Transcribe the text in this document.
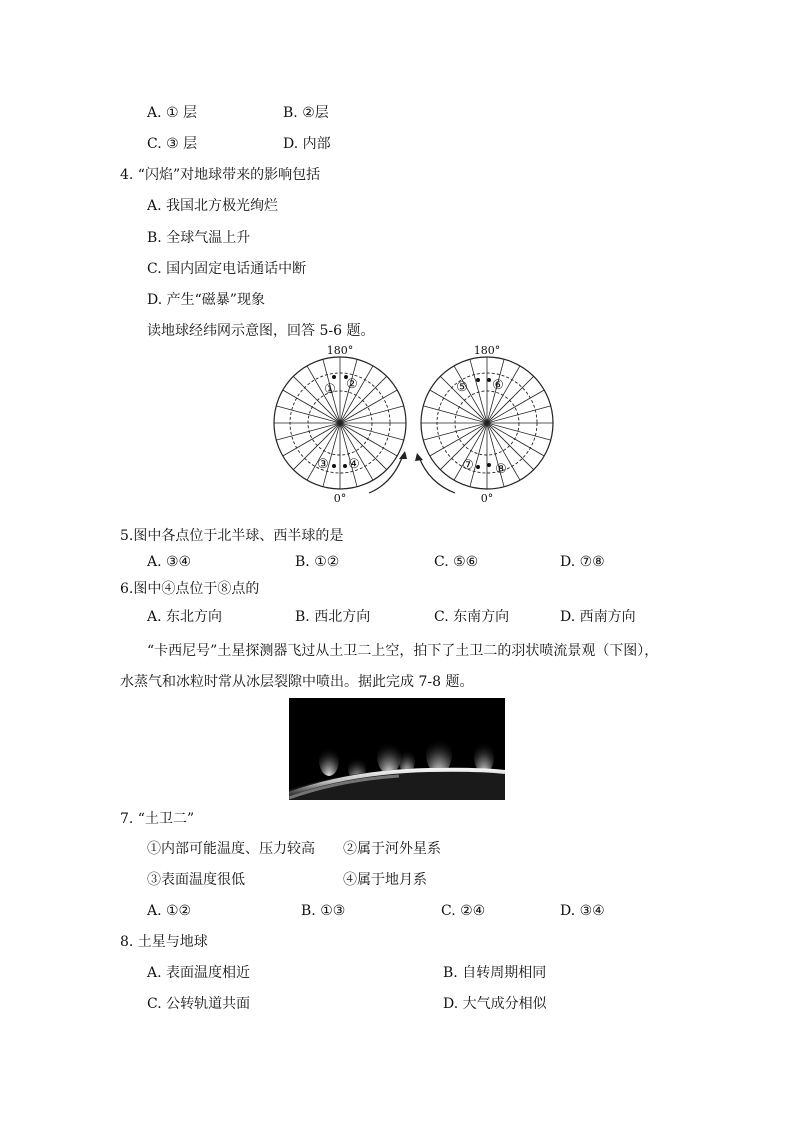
A. ① 层	B. ②层
C. ③ 层	D. 内部
4. “闪焰”对地球带来的影响包括
A. 我国北方极光绚烂
B. 全球气温上升
C. 国内固定电话通话中断
D. 产生“磁暴”现象
读地球经纬网示意图，回答 5-6 题。
① ②
③ ④
180°
0°
⑤ ⑥
⑦ ⑧
180°
0°
5.图中各点位于北半球、西半球的是
A. ③④	B. ①②	C. ⑤⑥	D. ⑦⑧
6.图中④点位于⑧点的
A. 东北方向	B. 西北方向	C. 东南方向	D. 西南方向
“卡西尼号”土星探测器飞过从土卫二上空，拍下了土卫二的羽状喷流景观（下图），
水蒸气和冰粒时常从冰层裂隙中喷出。据此完成 7-8 题。
7. “土卫二”
①内部可能温度、压力较高 ②属于河外星系
③表面温度很低	④属于地月系
A. ①②	B. ①③	C. ②④	D. ③④
8. 土星与地球
A. 表面温度相近	B. 自转周期相同
C. 公转轨道共面	D. 大气成分相似
